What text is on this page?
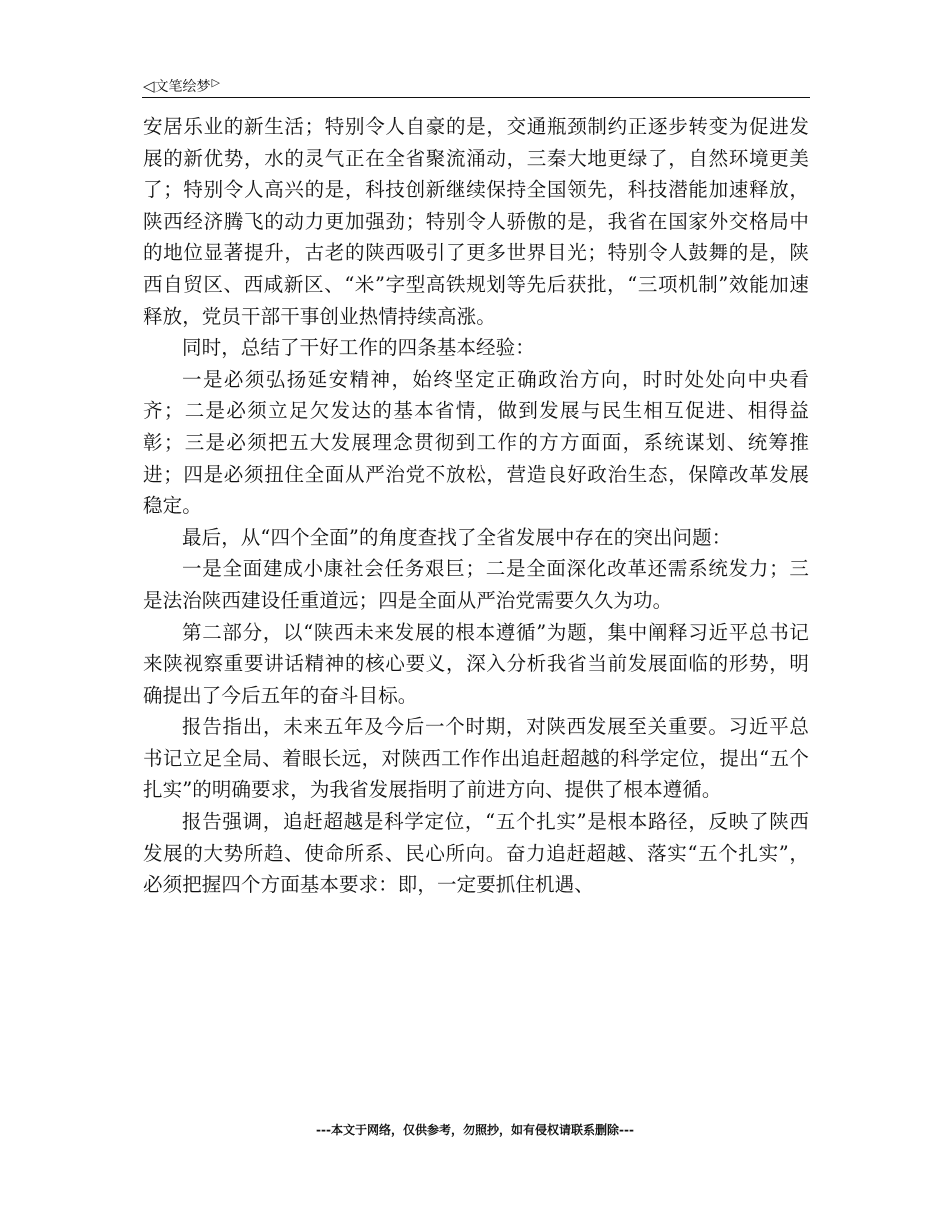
◁ 文笔绘梦 ▷

安居乐业的新生活；特别令人自豪的是，交通瓶颈制约正逐步转变为促进发展的新优势，水的灵气正在全省聚流涌动，三秦大地更绿了，自然环境更美了；特别令人高兴的是，科技创新继续保持全国领先，科技潜能加速释放，陕西经济腾飞的动力更加强劲；特别令人骄傲的是，我省在国家外交格局中的地位显著提升，古老的陕西吸引了更多世界目光；特别令人鼓舞的是，陕西自贸区、西咸新区、“米”字型高铁规划等先后获批，“三项机制”效能加速释放，党员干部干事创业热情持续高涨。

同时，总结了干好工作的四条基本经验：

一是必须弘扬延安精神，始终坚定正确政治方向，时时处处向中央看齐；二是必须立足欠发达的基本省情，做到发展与民生相互促进、相得益彰；三是必须把五大发展理念贯彻到工作的方方面面，系统谋划、统筹推进；四是必须扭住全面从严治党不放松，营造良好政治生态，保障改革发展稳定。

最后，从“四个全面”的角度查找了全省发展中存在的突出问题：

一是全面建成小康社会任务艰巨；二是全面深化改革还需系统发力；三是法治陕西建设任重道远；四是全面从严治党需要久久为功。

第二部分，以“陕西未来发展的根本遵循”为题，集中阐释习近平总书记来陕视察重要讲话精神的核心要义，深入分析我省当前发展面临的形势，明确提出了今后五年的奋斗目标。

报告指出，未来五年及今后一个时期，对陕西发展至关重要。习近平总书记立足全局、着眼长远，对陕西工作作出追赶超越的科学定位，提出“五个扎实”的明确要求，为我省发展指明了前进方向、提供了根本遵循。

报告强调，追赶超越是科学定位，“五个扎实”是根本路径，反映了陕西发展的大势所趋、使命所系、民心所向。奋力追赶超越、落实“五个扎实”，必须把握四个方面基本要求：即，一定要抓住机遇、

---本文于网络，仅供参考，勿照抄，如有侵权请联系删除---
